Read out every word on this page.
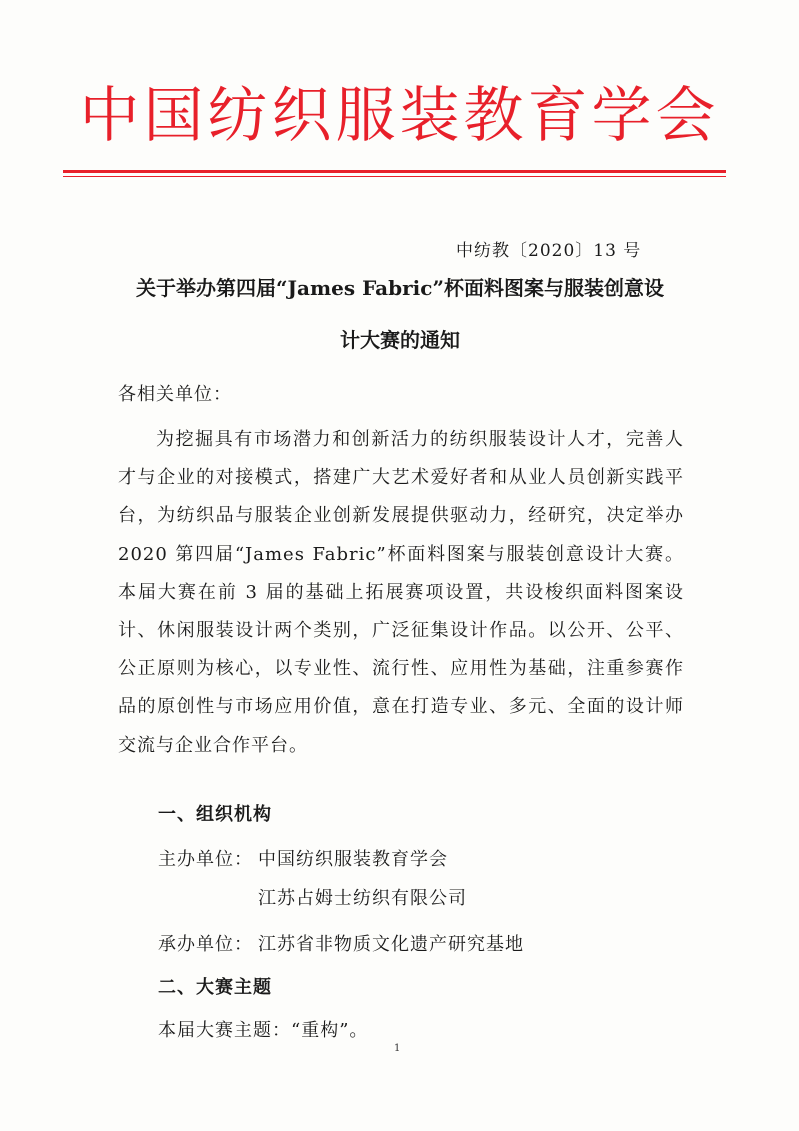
中国纺织服装教育学会
中纺教〔2020〕13 号
关于举办第四届“James Fabric”杯面料图案与服装创意设
计大赛的通知
各相关单位：
为挖掘具有市场潜力和创新活力的纺织服装设计人才，完善人才与企业的对接模式，搭建广大艺术爱好者和从业人员创新实践平台，为纺织品与服装企业创新发展提供驱动力，经研究，决定举办 2020 第四届“James Fabric”杯面料图案与服装创意设计大赛。本届大赛在前 3 届的基础上拓展赛项设置，共设梭织面料图案设计、休闲服装设计两个类别，广泛征集设计作品。以公开、公平、公正原则为核心，以专业性、流行性、应用性为基础，注重参赛作品的原创性与市场应用价值，意在打造专业、多元、全面的设计师交流与企业合作平台。
一、组织机构
主办单位： 中国纺织服装教育学会
江苏占姆士纺织有限公司
承办单位： 江苏省非物质文化遗产研究基地
二、大赛主题
本届大赛主题：“重构”。
1
